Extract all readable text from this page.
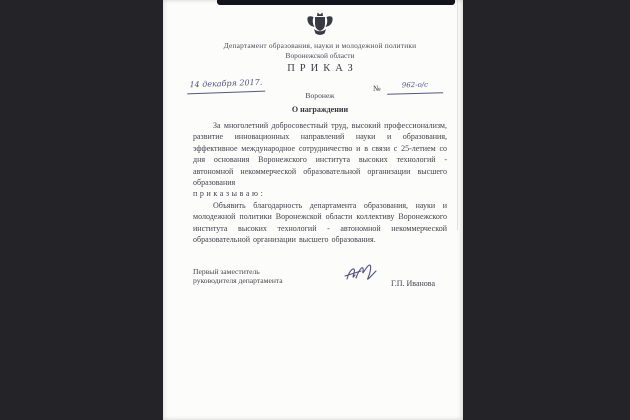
Департамент образования, науки и молодежной политики
Воронежской области
ПРИКАЗ
14 декабря 2017.	№	962-о/с
Воронеж
О награждении

За многолетний добросовестный труд, высокий профессионализм, развитие инновационных направлений науки и образования, эффективное международное сотрудничество и в связи с 25-летием со дня основания Воронежского института высоких технологий - автономной некоммерческой образовательной организации высшего образования

приказываю:

Объявить благодарность департамента образования, науки и молодежной политики Воронежской области коллективу Воронежского института высоких технологий - автономной некоммерческой образовательной организации высшего образования.

Первый заместитель
руководителя департамента	Г.П. Иванова
